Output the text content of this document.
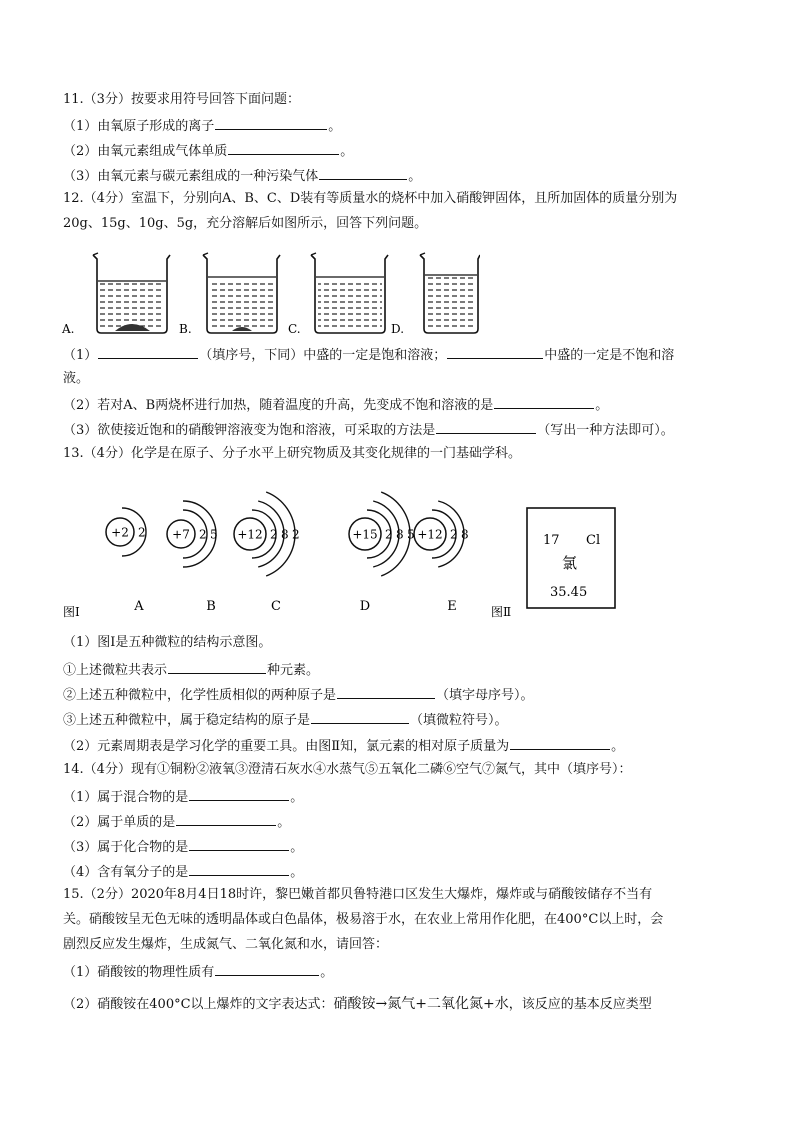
11.（3分）按要求用符号回答下面问题：
（1）由氧原子形成的离子	。
（2）由氧元素组成气体单质	。
（3）由氧元素与碳元素组成的一种污染气体	。
12.（4分）室温下，分别向A、B、C、D装有等质量水的烧杯中加入硝酸钾固体，且所加固体的质量分别为
20g、15g、10g、5g，充分溶解后如图所示，回答下列问题。
A.	B.	C.	D.
（1）	（填序号，下同）中盛的一定是饱和溶液；	中盛的一定是不饱和溶
液。
（2）若对A、B两烧杯进行加热，随着温度的升高，先变成不饱和溶液的是	。
（3）欲使接近饱和的硝酸钾溶液变为饱和溶液，可采取的方法是	（写出一种方法即可）。
13.（4分）化学是在原子、分子水平上研究物质及其变化规律的一门基础学科。
+2 2
A
+7 2 5
B
+12 2 8 2
C
+15 2 8 5
D
+12 2 8
E
图Ⅰ	图Ⅱ
17 Cl
氯
35.45
（1）图Ⅰ是五种微粒的结构示意图。
①上述微粒共表示	种元素。
②上述五种微粒中，化学性质相似的两种原子是	（填字母序号）。
③上述五种微粒中，属于稳定结构的原子是	（填微粒符号）。
（2）元素周期表是学习化学的重要工具。由图Ⅱ知，氯元素的相对原子质量为	。
14.（4分）现有①铜粉②液氧③澄清石灰水④水蒸气⑤五氧化二磷⑥空气⑦氮气，其中（填序号）：
（1）属于混合物的是	。
（2）属于单质的是	。
（3）属于化合物的是	。
（4）含有氧分子的是	。
15.（2分）2020年8月4日18时许，黎巴嫩首都贝鲁特港口区发生大爆炸，爆炸或与硝酸铵储存不当有
关。硝酸铵呈无色无味的透明晶体或白色晶体，极易溶于水，在农业上常用作化肥，在400°C以上时，会
剧烈反应发生爆炸，生成氮气、二氧化氮和水，请回答：
（1）硝酸铵的物理性质有	。
（2）硝酸铵在400°C以上爆炸的文字表达式：硝酸铵→氮气+二氧化氮+水，该反应的基本反应类型
